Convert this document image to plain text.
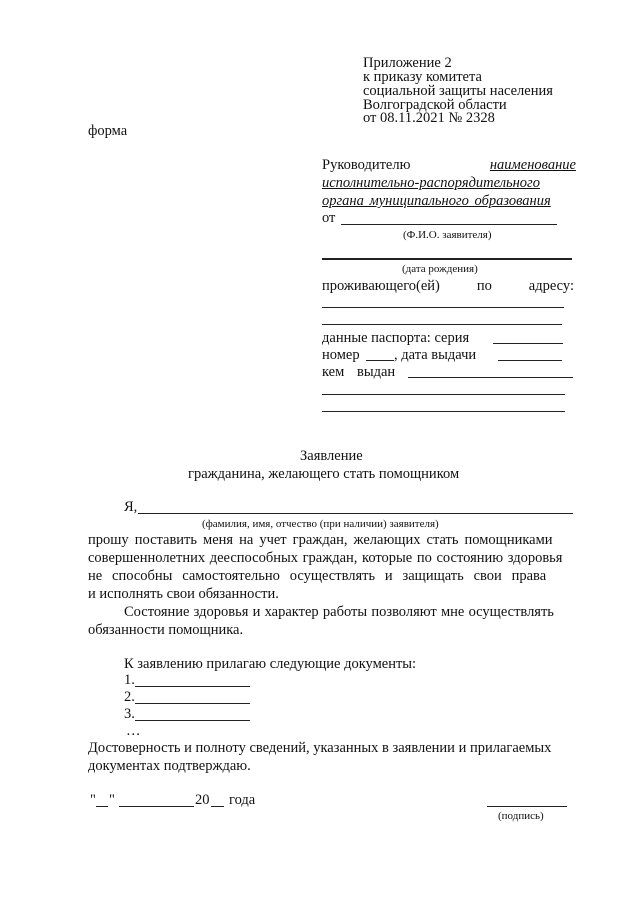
Приложение 2
к приказу комитета
социальной защиты населения
Волгоградской области
от 08.11.2021 № 2328
форма
Руководителю	наименование
исполнительно-распорядительного
органа муниципального образования
от
(Ф.И.О. заявителя)
(дата рождения)
проживающего(ей)	по	адресу:
данные паспорта: серия
номер , дата выдачи
кем выдан
Заявление
гражданина, желающего стать помощником
Я,
(фамилия, имя, отчество (при наличии) заявителя)
прошу поставить меня на учет граждан, желающих стать помощниками
совершеннолетних дееспособных граждан, которые по состоянию здоровья
не способны самостоятельно осуществлять и защищать свои права
и исполнять свои обязанности.
Состояние здоровья и характер работы позволяют мне осуществлять
обязанности помощника.
К заявлению прилагаю следующие документы:
1.
2.
3.
…
Достоверность и полноту сведений, указанных в заявлении и прилагаемых
документах подтверждаю.
" "	20 года
(подпись)
